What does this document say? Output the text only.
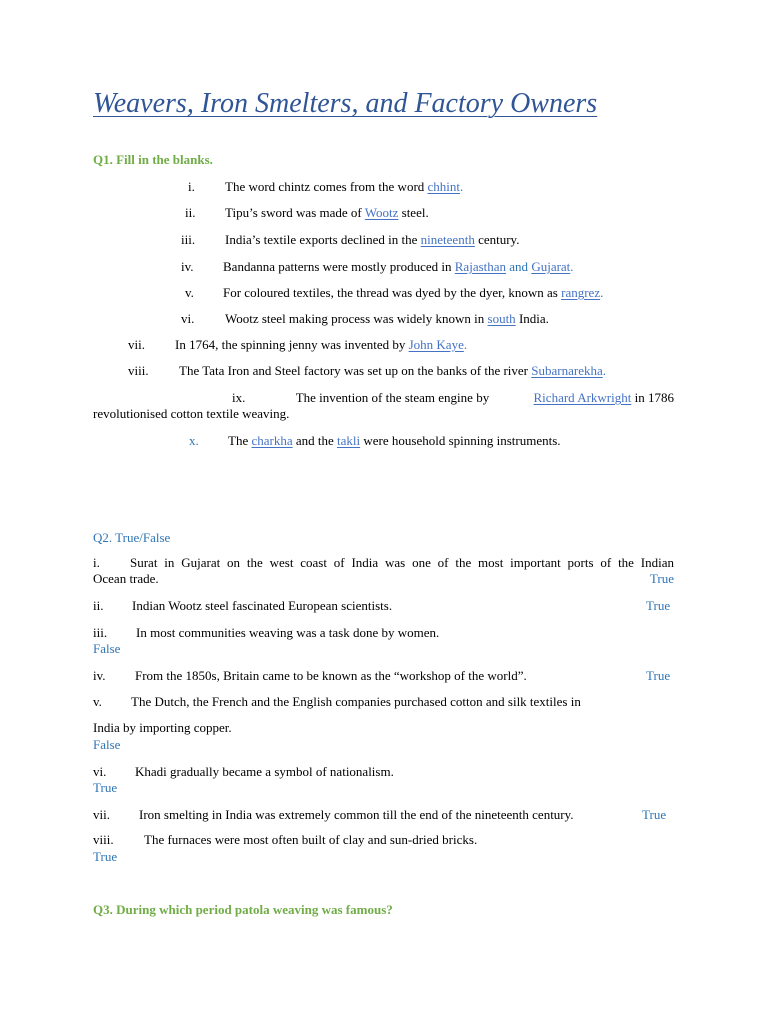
Weavers, Iron Smelters, and Factory Owners
Q1. Fill in the blanks.
i. The word chintz comes from the word chhint.
ii. Tipu’s sword was made of Wootz steel.
iii. India’s textile exports declined in the nineteenth century.
iv. Bandanna patterns were mostly produced in Rajasthan and Gujarat.
v. For coloured textiles, the thread was dyed by the dyer, known as rangrez.
vi. Wootz steel making process was widely known in south India.
vii. In 1764, the spinning jenny was invented by John Kaye.
viii. The Tata Iron and Steel factory was set up on the banks of the river Subarnarekha.
ix.	The invention of the steam engine by	Richard Arkwright in 1786
revolutionised cotton textile weaving.
x. The charkha and the takli were household spinning instruments.
Q2. True/False
i.	Surat in Gujarat on the west coast of India was one of the most important ports of the Indian
Ocean trade.	True
ii. Indian Wootz steel fascinated European scientists.	True
iii. In most communities weaving was a task done by women.
False
iv. From the 1850s, Britain came to be known as the “workshop of the world”.	True
v. The Dutch, the French and the English companies purchased cotton and silk textiles in
India by importing copper.
False
vi. Khadi gradually became a symbol of nationalism.
True
vii. Iron smelting in India was extremely common till the end of the nineteenth century.	True
viii. The furnaces were most often built of clay and sun-dried bricks.
True
Q3. During which period patola weaving was famous?
